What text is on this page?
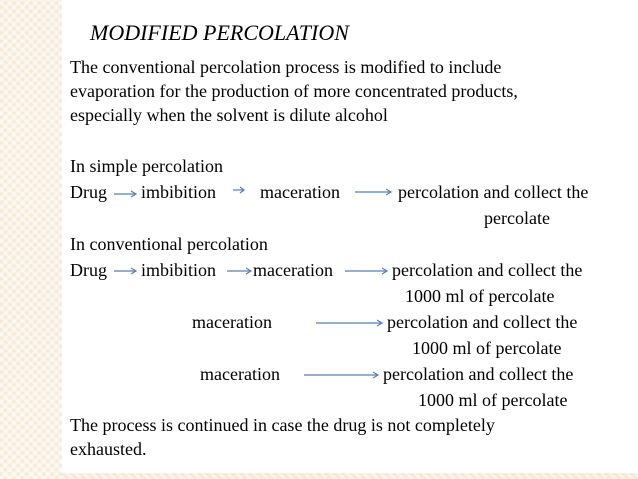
MODIFIED PERCOLATION
The conventional percolation process is modified to include
evaporation for the production of more concentrated products,
especially when the solvent is dilute alcohol
In simple percolation
Drug imbibition maceration	percolation and collect the
percolate
In conventional percolation
Drug imbibition maceration	percolation and collect the
1000 ml of percolate
maceration	percolation and collect the
1000 ml of percolate
maceration	percolation and collect the
1000 ml of percolate
The process is continued in case the drug is not completely
exhausted.
